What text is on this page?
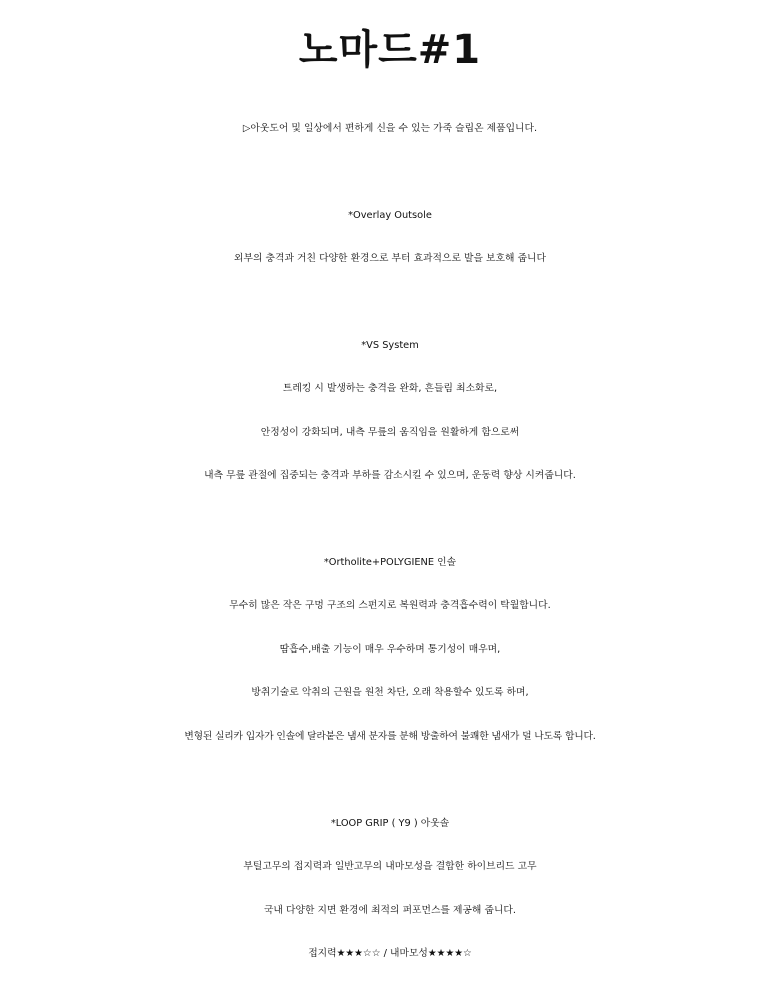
노마드#1
▷아웃도어 및 일상에서 편하게 신을 수 있는 가죽 슬립온 제품입니다.
*Overlay Outsole
외부의 충격과 거친 다양한 환경으로 부터 효과적으로 발을 보호해 줍니다
*VS System
트레킹 시 발생하는 충격을 완화, 흔들림 최소화로,
안정성이 강화되며, 내측 무릎의 움직임을 원활하게 함으로써
내측 무릎 관절에 집중되는 충격과 부하를 감소시킬 수 있으며, 운동력 향상 시켜줍니다.
*Ortholite+POLYGIENE 인솔
무수히 많은 작은 구멍 구조의 스펀지로 복원력과 충격흡수력이 탁월합니다.
땀흡수,배출 기능이 매우 우수하며 통기성이 매우며,
방취기술로 악취의 근원을 원천 차단, 오래 착용할수 있도록 하며,
변형된 실리카 입자가 인솔에 달라붙은 냄새 분자를 분해 방출하여 불쾌한 냄새가 덜 나도록 합니다.
*LOOP GRIP ( Y9 ) 아웃솔
부틸고무의 접지력과 일반고무의 내마모성을 결합한 하이브리드 고무
국내 다양한 지면 환경에 최적의 퍼포먼스를 제공해 줍니다.
접지력★★★☆☆ / 내마모성★★★★☆
